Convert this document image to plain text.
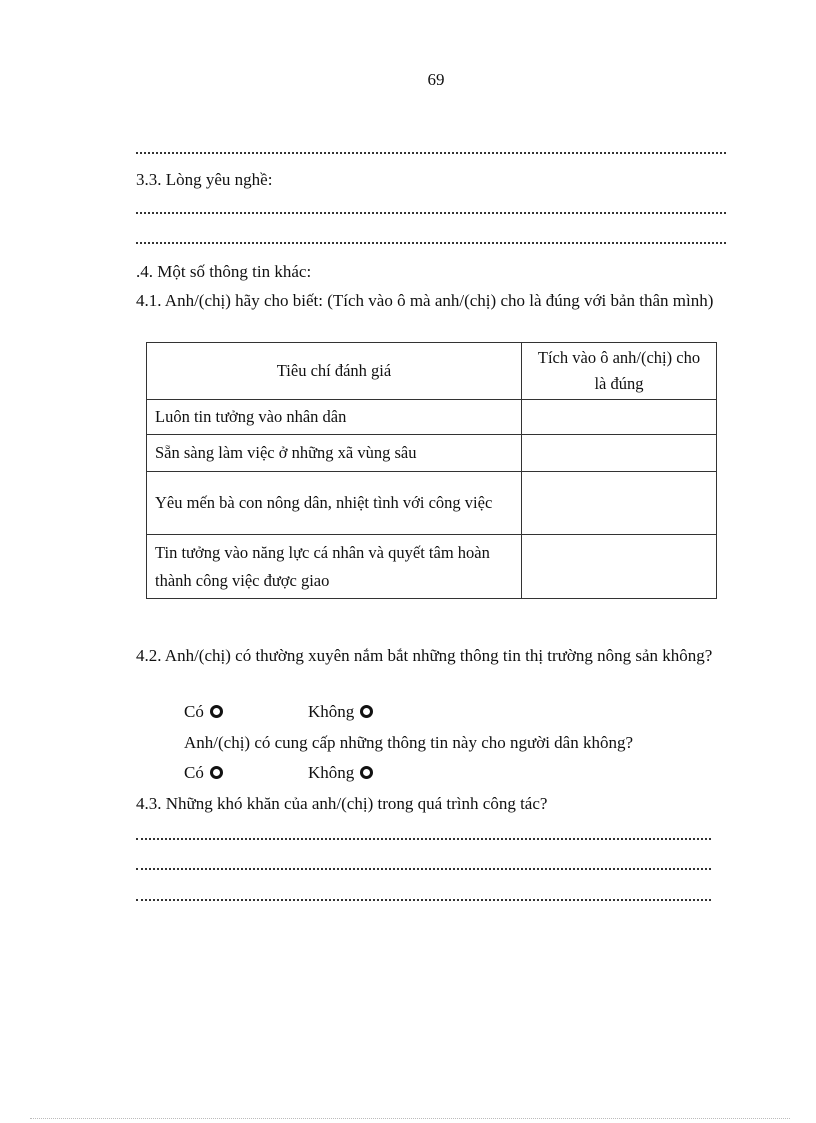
69
3.3. Lòng yêu nghề:
.4. Một số thông tin khác:
4.1. Anh/(chị) hãy cho biết: (Tích vào ô mà anh/(chị) cho là đúng với bản thân mình)
Tiêu chí đánh giá	Tích vào ô anh/(chị) cho là đúng
Luôn tin tưởng vào nhân dân	
Sẵn sàng làm việc ở những xã vùng sâu	
Yêu mến bà con nông dân, nhiệt tình với công việc	
Tin tưởng vào năng lực cá nhân và quyết tâm hoàn thành công việc được giao	
4.2. Anh/(chị) có thường xuyên nắm bắt những thông tin thị trường nông sản không?
Có	Không
Anh/(chị) có cung cấp những thông tin này cho người dân không?
Có	Không
4.3. Những khó khăn của anh/(chị) trong quá trình công tác?
